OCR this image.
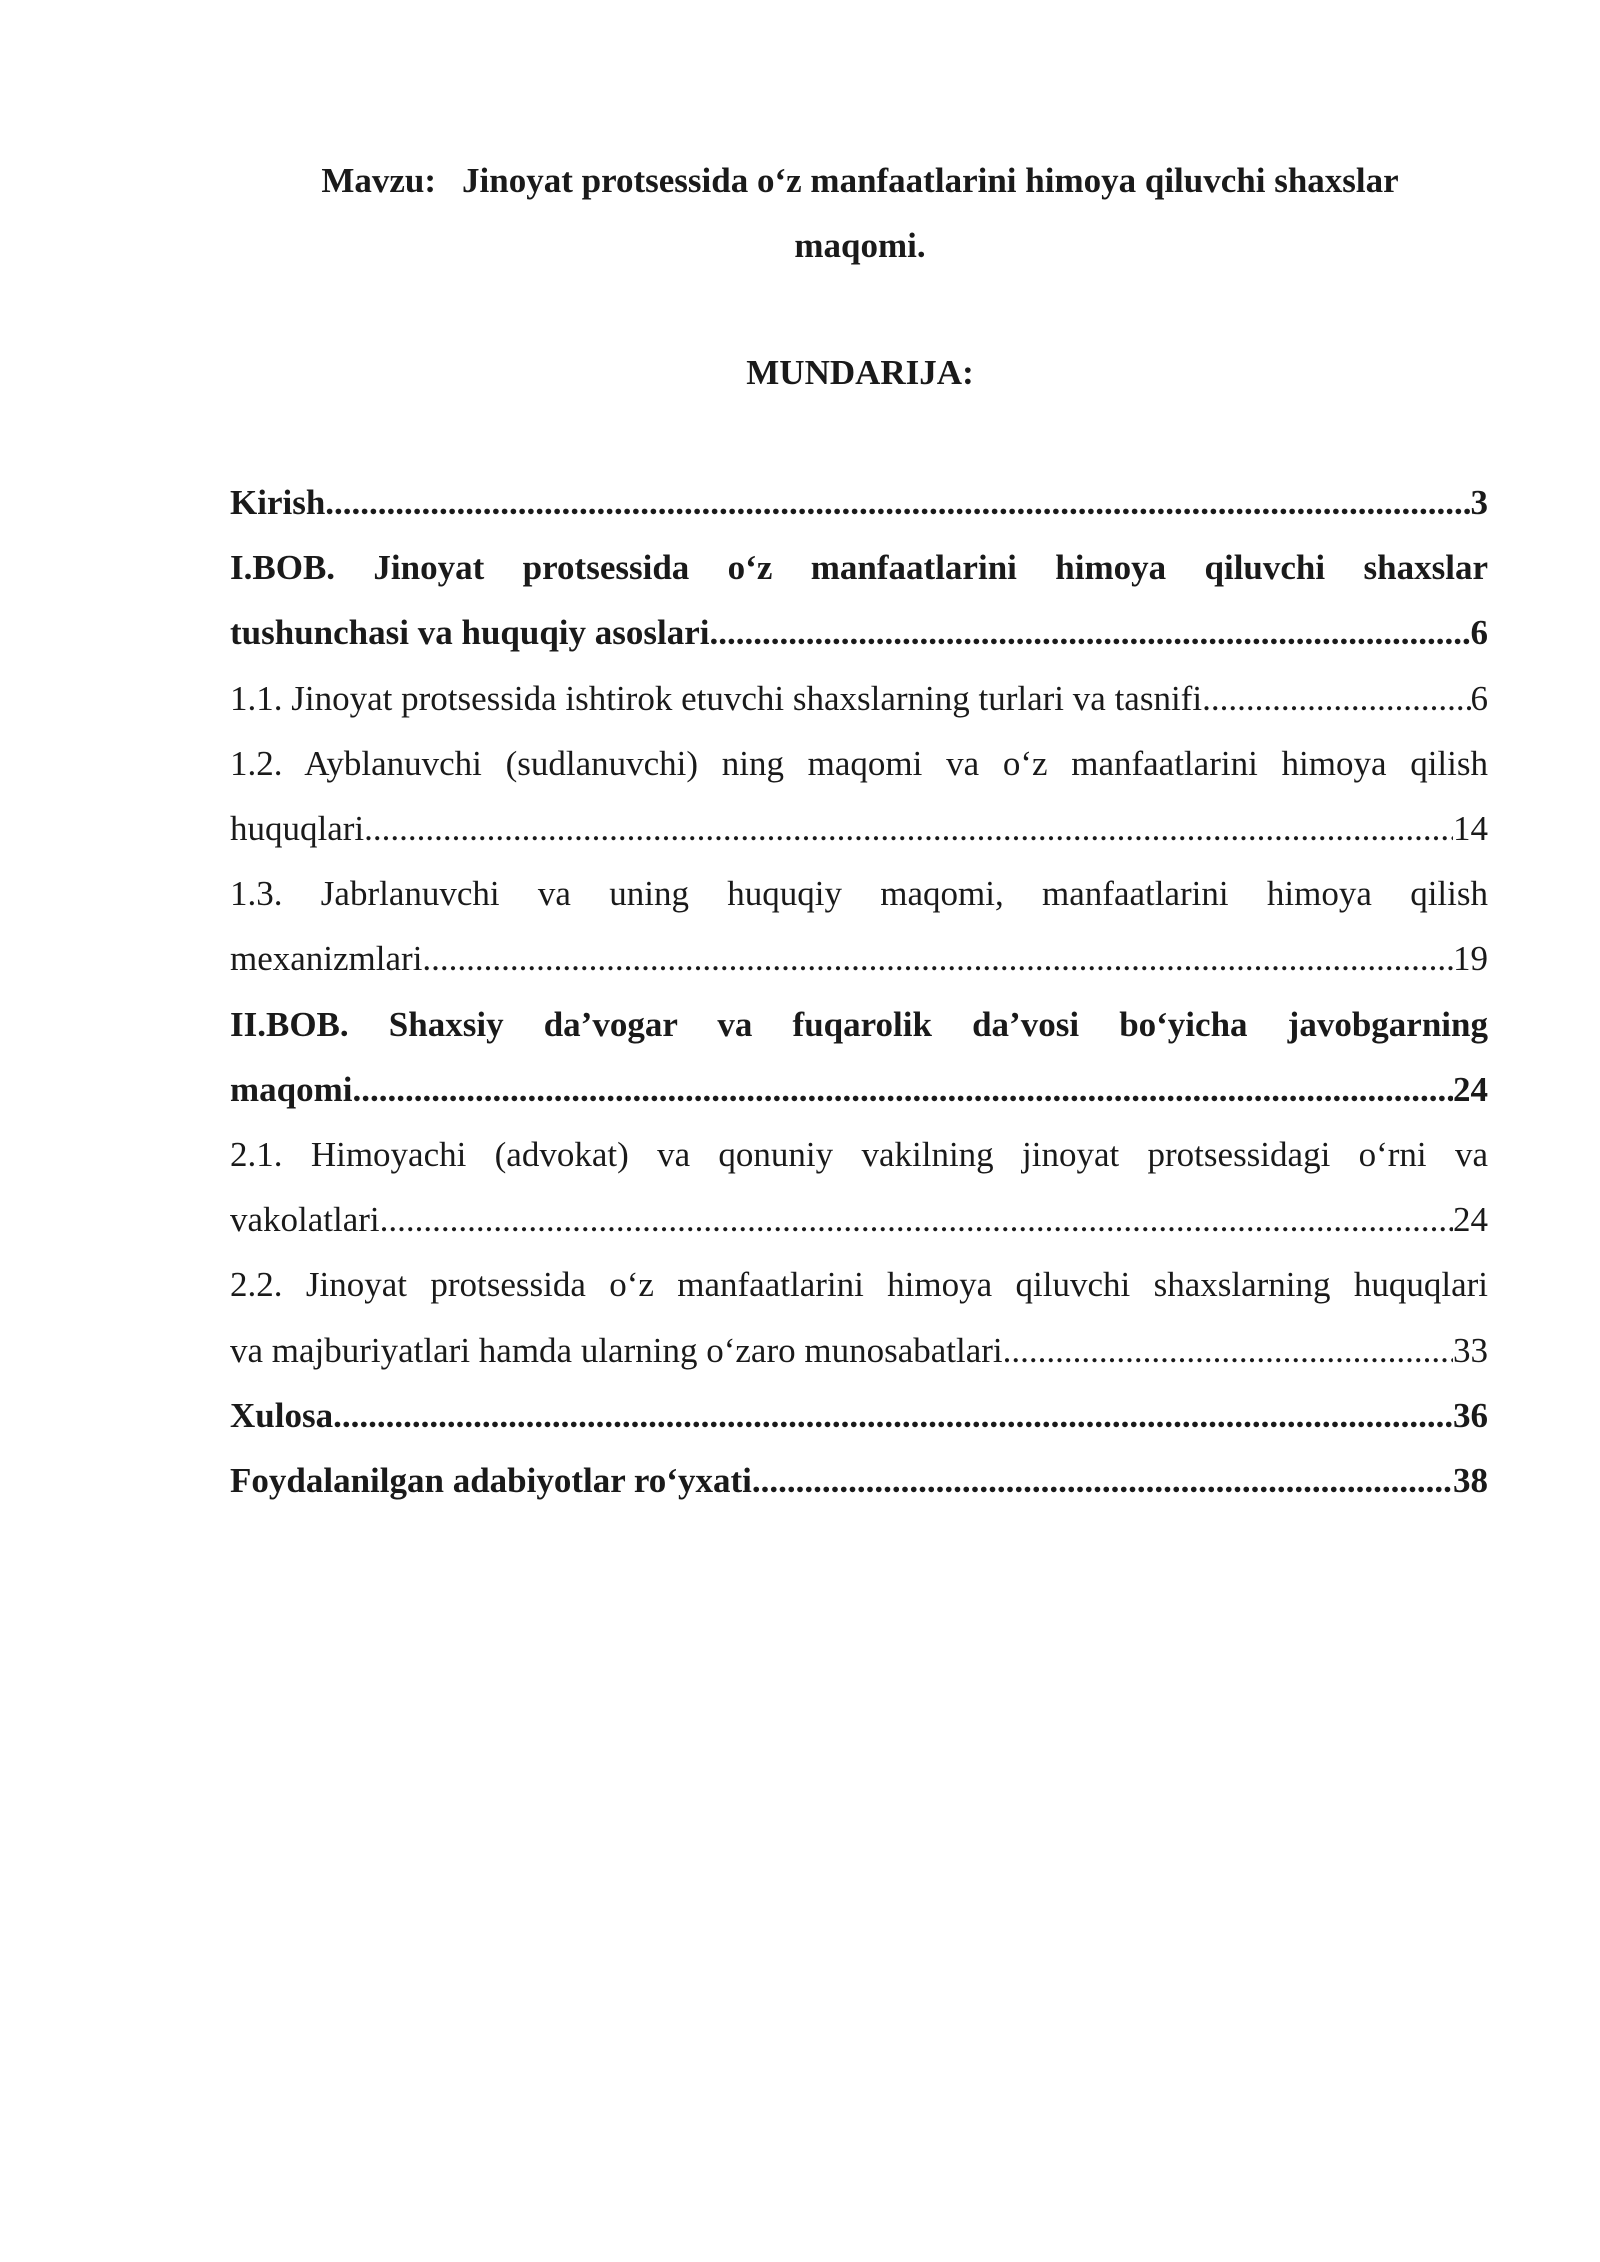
Mavzu: Jinoyat protsessida o‘z manfaatlarini himoya qiluvchi shaxslar
maqomi.
MUNDARIJA:
Kirish .....	3
I.BOB. Jinoyat protsessida o‘z manfaatlarini himoya qiluvchi shaxslar
tushunchasi va huquqiy asoslari .....	6
1.1. Jinoyat protsessida ishtirok etuvchi shaxslarning turlari va tasnifi .....	6
1.2. Ayblanuvchi (sudlanuvchi) ning maqomi va o‘z manfaatlarini himoya qilish
huquqlari .....	14
1.3. Jabrlanuvchi va uning huquqiy maqomi, manfaatlarini himoya qilish
mexanizmlari .....	19
II.BOB. Shaxsiy da’vogar va fuqarolik da’vosi bo‘yicha javobgarning
maqomi .....	24
2.1. Himoyachi (advokat) va qonuniy vakilning jinoyat protsessidagi o‘rni va
vakolatlari .....	24
2.2. Jinoyat protsessida o‘z manfaatlarini himoya qiluvchi shaxslarning huquqlari
va majburiyatlari hamda ularning o‘zaro munosabatlari .....	33
Xulosa .....	36
Foydalanilgan adabiyotlar ro‘yxati .....	38
